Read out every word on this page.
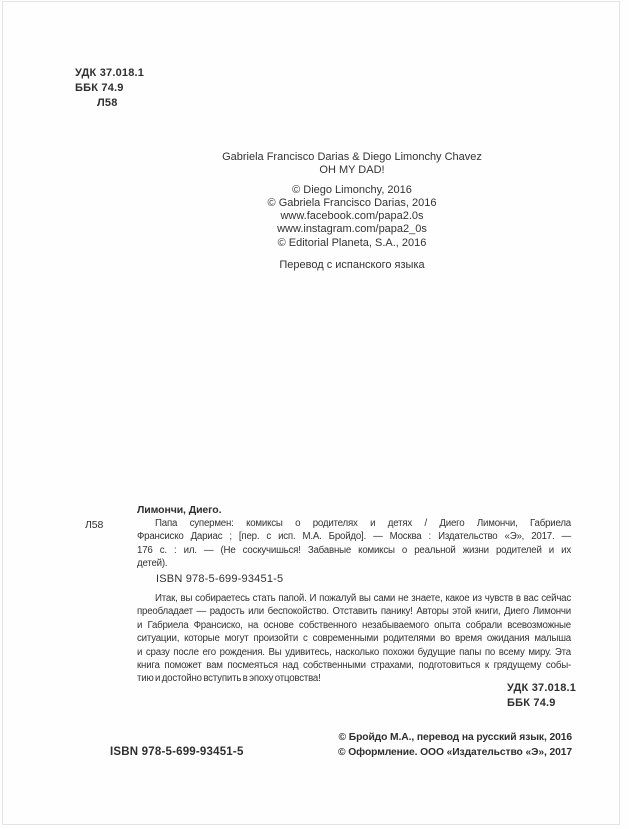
УДК 37.018.1
ББК 74.9
Л58
Gabriela Francisco Darias & Diego Limonchy Chavez
OH MY DAD!
© Diego Limonchy, 2016
© Gabriela Francisco Darias, 2016
www.facebook.com/papa2.0s
www.instagram.com/papa2_0s
© Editorial Planeta, S.A., 2016
Перевод с испанского языка
Лимончи, Диего.
Л58	Папа супермен: комиксы о родителях и детях / Диего Лимончи, Габриела
Франсиско Дариас ; [пер. с исп. М.А. Бройдо]. — Москва : Издательство «Э», 2017. —
176 с. : ил. — (Не соскучишься! Забавные комиксы о реальной жизни родителей и их
детей).
ISBN 978-5-699-93451-5
Итак, вы собираетесь стать папой. И пожалуй вы сами не знаете, какое из чувств в вас сейчас
преобладает — радость или беспокойство. Отставить панику! Авторы этой книги, Диего Лимончи
и Габриела Франсиско, на основе собственного незабываемого опыта собрали всевозможные
ситуации, которые могут произойти с современными родителями во время ожидания малыша
и сразу после его рождения. Вы удивитесь, насколько похожи будущие папы по всему миру. Эта
книга поможет вам посмеяться над собственными страхами, подготовиться к грядущему собы-
тию и достойно вступить в эпоху отцовства!
УДК 37.018.1
ББК 74.9
ISBN 978-5-699-93451-5
© Бройдо М.А., перевод на русский язык, 2016
© Оформление. ООО «Издательство «Э», 2017
